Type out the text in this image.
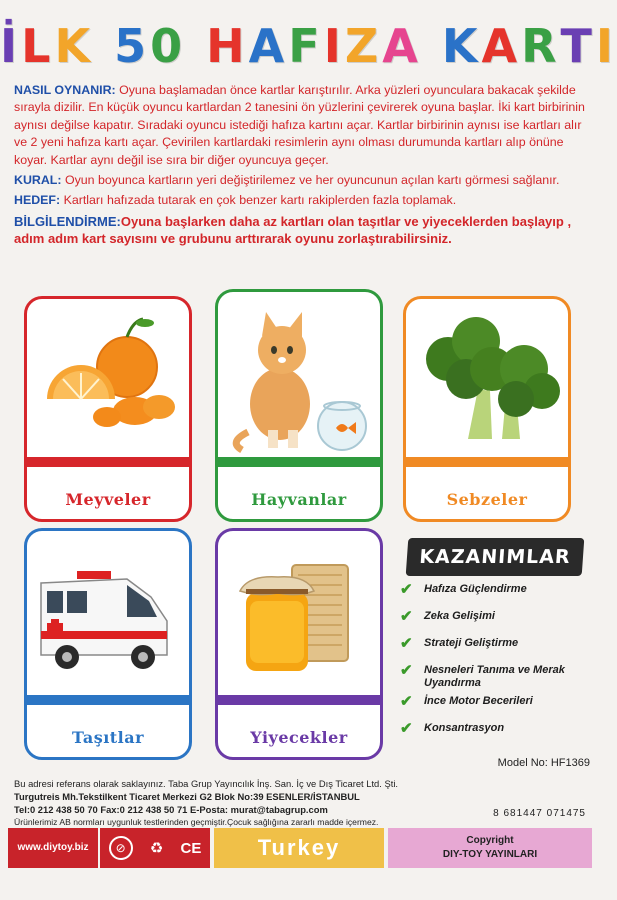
İLK 50 HAFIZA KARTI

NASIL OYNANIR: Oyuna başlamadan önce kartlar karıştırılır. Arka yüzleri oyunculara bakacak şekilde sırayla dizilir. En küçük oyuncu kartlardan 2 tanesini ön yüzlerini çevirerek oyuna başlar. İki kart birbirinin aynısı değilse kapatır. Sıradaki oyuncu istediği hafıza kartını açar. Kartlar birbirinin aynısı ise kartları alır ve 2 yeni hafıza kartı açar. Çevirilen kartlardaki resimlerin aynı olması durumunda kartları alıp önüne koyar. Kartlar aynı değil ise sıra bir diğer oyuncuya geçer.

KURAL: Oyun boyunca kartların yeri değiştirilemez ve her oyuncunun açılan kartı görmesi sağlanır.

HEDEF: Kartları hafızada tutarak en çok benzer kartı rakiplerden fazla toplamak.

BİLGİLENDİRME:Oyuna başlarken daha az kartları olan taşıtlar ve yiyeceklerden başlayıp , adım adım kart sayısını ve grubunu arttırarak oyunu zorlaştırabilirsiniz.

Meyveler	Hayvanlar	Sebzeler
Taşıtlar	Yiyecekler
KAZANIMLAR
✔	Hafıza Güçlendirme
✔	Zeka Gelişimi
✔	Strateji Geliştirme
✔	Nesneleri Tanıma ve Merak Uyandırma
✔	İnce Motor Becerileri
✔	Konsantrasyon
Model No: HF1369
Bu adresi referans olarak saklayınız. Taba Grup Yayıncılık İnş. San. İç ve Dış Ticaret Ltd. Şti.
Turgutreis Mh.Tekstilkent Ticaret Merkezi G2 Blok No:39 ESENLER/İSTANBUL
Tel:0 212 438 50 70 Fax:0 212 438 50 71 E-Posta: murat@tabagrup.com
Ürünlerimiz AB normları uygunluk testlerinden geçmiştir.Çocuk sağlığına zararlı madde içermez.
8 681447 071475
www.diytoy.biz	⊘	♻ CE	Turkey	Copyright
DIY-TOY YAYINLARI
